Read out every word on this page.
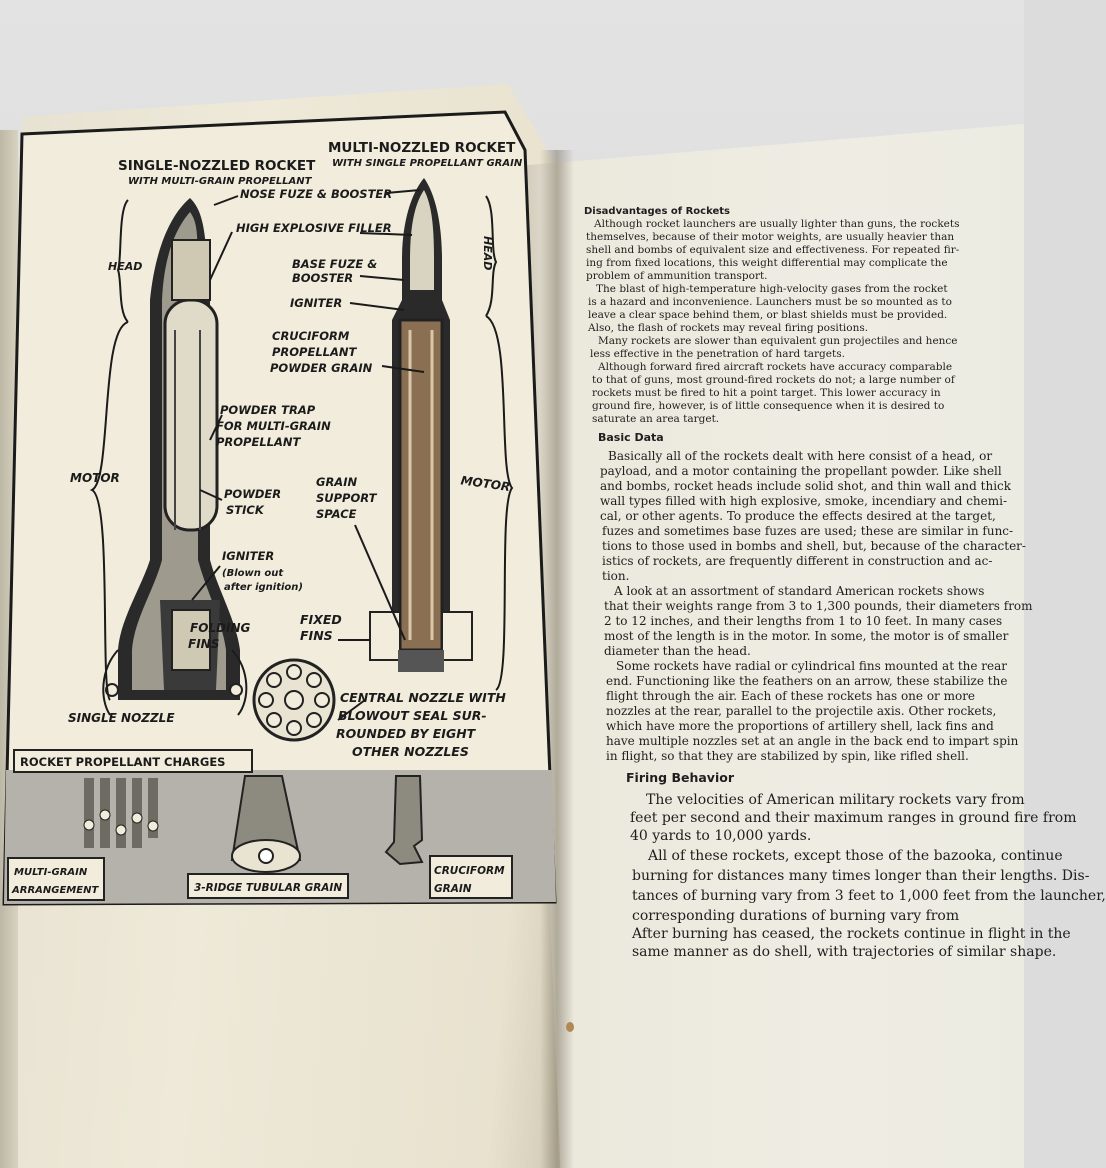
SINGLE-NOZZLED ROCKET
WITH MULTI-GRAIN PROPELLANT
MULTI-NOZZLED ROCKET
WITH SINGLE PROPELLANT GRAIN
NOSE FUZE & BOOSTER
HIGH EXPLOSIVE FILLER
BASE FUZE &
BOOSTER
IGNITER
CRUCIFORM
PROPELLANT
POWDER GRAIN
POWDER TRAP
FOR MULTI-GRAIN
PROPELLANT
HEAD	HEAD
MOTOR	MOTOR
POWDER
STICK
GRAIN
SUPPORT
SPACE
IGNITER
(Blown out
after ignition)
FOLDING
FINS
FIXED
FINS
SINGLE NOZZLE
CENTRAL NOZZLE WITH
BLOWOUT SEAL SUR-
ROUNDED BY EIGHT
OTHER NOZZLES
ROCKET PROPELLANT CHARGES
MULTI-GRAIN
ARRANGEMENT	3-RIDGE TUBULAR GRAIN
CRUCIFORM
GRAIN
Disadvantages of Rockets
Although rocket launchers are usually lighter than guns, the rockets
themselves, because of their motor weights, are usually heavier than
shell and bombs of equivalent size and effectiveness. For repeated fir-
ing from fixed locations, this weight differential may complicate the
problem of ammunition transport.
The blast of high-temperature high-velocity gases from the rocket
is a hazard and inconvenience. Launchers must be so mounted as to
leave a clear space behind them, or blast shields must be provided.
Also, the flash of rockets may reveal firing positions.
Many rockets are slower than equivalent gun projectiles and hence
less effective in the penetration of hard targets.
Although forward fired aircraft rockets have accuracy comparable
to that of guns, most ground-fired rockets do not; a large number of
rockets must be fired to hit a point target. This lower accuracy in
ground fire, however, is of little consequence when it is desired to
saturate an area target.
Basic Data
Basically all of the rockets dealt with here consist of a head, or
payload, and a motor containing the propellant powder. Like shell
and bombs, rocket heads include solid shot, and thin wall and thick
wall types filled with high explosive, smoke, incendiary and chemi-
cal, or other agents. To produce the effects desired at the target,
fuzes and sometimes base fuzes are used; these are similar in func-
tions to those used in bombs and shell, but, because of the character-
istics of rockets, are frequently different in construction and ac-
tion.
A look at an assortment of standard American rockets shows
that their weights range from 3 to 1,300 pounds, their diameters from
2 to 12 inches, and their lengths from 1 to 10 feet. In many cases
most of the length is in the motor. In some, the motor is of smaller
diameter than the head.
Some rockets have radial or cylindrical fins mounted at the rear
end. Functioning like the feathers on an arrow, these stabilize the
flight through the air. Each of these rockets has one or more
nozzles at the rear, parallel to the projectile axis. Other rockets,
which have more the proportions of artillery shell, lack fins and
have multiple nozzles set at an angle in the back end to impart spin
in flight, so that they are stabilized by spin, like rifled shell.
Firing Behavior
The velocities of American military rockets vary from
feet per second and their maximum ranges in ground fire from
40 yards to 10,000 yards.
All of these rockets, except those of the bazooka, continue
burning for distances many times longer than their lengths. Dis-
tances of burning vary from 3 feet to 1,000 feet from the launcher,
corresponding durations of burning vary from
After burning has ceased, the rockets continue in flight in the
same manner as do shell, with trajectories of similar shape.
